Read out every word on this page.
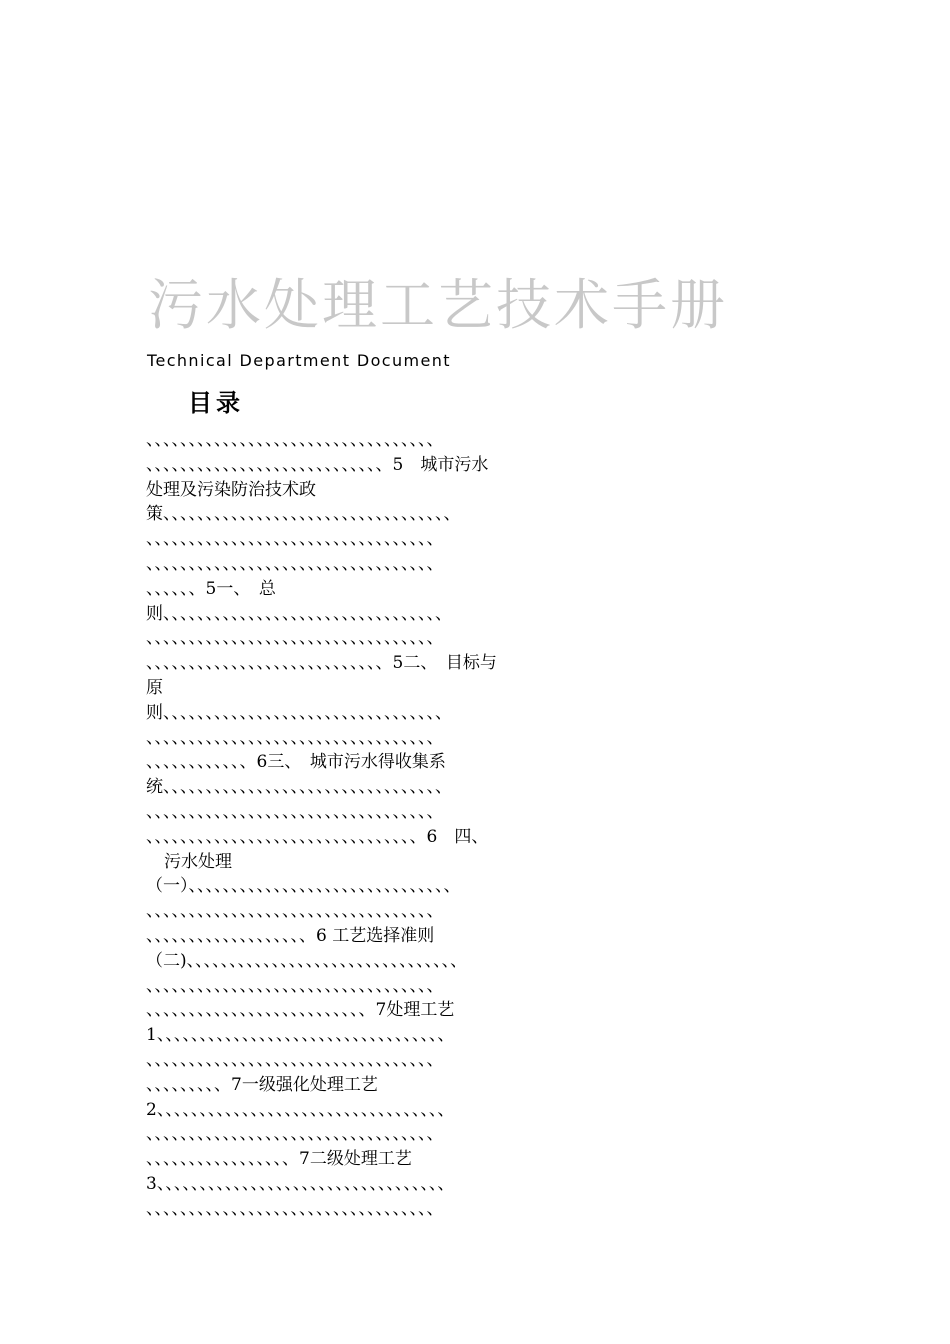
污水处理工艺技术手册
Technical Department Document
目录
、、、、、、、、、、、、、、、、、、、、、、、、、、、、、、、、、、
、、、、、、、、、、、、、、、、、、、、、、、、、、、、5　城市污水
处理及污染防治技术政
策、、、、、、、、、、、、、、、、、、、、、、、、、、、、、、、、、、
、、、、、、、、、、、、、、、、、、、、、、、、、、、、、、、、、、
、、、、、、、、、、、、、、、、、、、、、、、、、、、、、、、、、、
、、、、、、5一、　总
则、、、、、、、、、、、、、、、、、、、、、、、、、、、、、、、、、
、、、、、、、、、、、、、、、、、、、、、、、、、、、、、、、、、、
、、、、、、、、、、、、、、、、、、、、、、、、、、、、5二、　目标与
原
则、、、、、、、、、、、、、、、、、、、、、、、、、、、、、、、、、
、、、、、、、、、、、、、、、、、、、、、、、、、、、、、、、、、、
、、、、、、、、、、、、6三、　城市污水得收集系
统、、、、、、、、、、、、、、、、、、、、、、、、、、、、、、、、、
、、、、、、、、、、、、、、、、、、、、、、、、、、、、、、、、、、
、、、、、、、、、、、、、、、、、、、、、、、、、、、、、、、、6　四、
污水处理
（一）、、、、、、、、、、、、、、、、、、、、、、、、、、、、、、、
、、、、、、、、、、、、、、、、、、、、、、、、、、、、、、、、、、
、、、、、、、、、、、、、、、、、、、6 工艺选择准则
（二)、、、、、、、、、、、、、、、、、、、、、、、、、、、、、、、、
、、、、、、、、、、、、、、、、、、、、、、、、、、、、、、、、、、
、、、、、、、、、、、、、、、、、、、、、、、、、、7处理工艺
1、、、、、、、、、、、、、、、、、、、、、、、、、、、、、、、、、、
、、、、、、、、、、、、、、、、、、、、、、、、、、、、、、、、、、
、、、、、、、、、7一级强化处理工艺
2、、、、、、、、、、、、、、、、、、、、、、、、、、、、、、、、、、
、、、、、、、、、、、、、、、、、、、、、、、、、、、、、、、、、、
、、、、、、、、、、、、、、、、、7二级处理工艺
3、、、、、、、、、、、、、、、、、、、、、、、、、、、、、、、、、、
、、、、、、、、、、、、、、、、、、、、、、、、、、、、、、、、、、
